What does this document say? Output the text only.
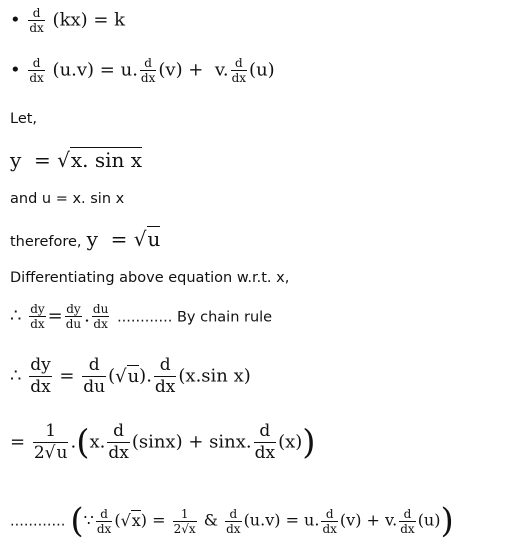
• $\frac{d}{dx} (kx) = k$
• $\frac{d}{dx} (u.v) = u$. $\frac{d}{dx} (v) + v$. $\frac{d}{dx} (u)$
Let,
y  = √x. sin x
and u = x. sin x
therefore, y  = √u
Differentiating above equation w.r.t. x,
∴ $\frac{dy}{dx} = \frac{dy}{du}$ . $\frac{du}{dx}$ ............ By chain rule
∴ $\frac{dy}{dx} = \frac{d}{du} (√u)$. $\frac{d}{dx} (x.\sin$ x)
= $\frac{1}{2√u} .(x$. $\frac{d}{dx} (\sin x) + \sin x$. $\frac{d}{dx} (x)$)
............ (∵ $\frac{d}{dx} (√x) = \frac{1}{2√x}$ & $\frac{d}{dx} (u.v) = u$. $\frac{d}{dx} (v) + v$. $\frac{d}{dx} (u)$)
